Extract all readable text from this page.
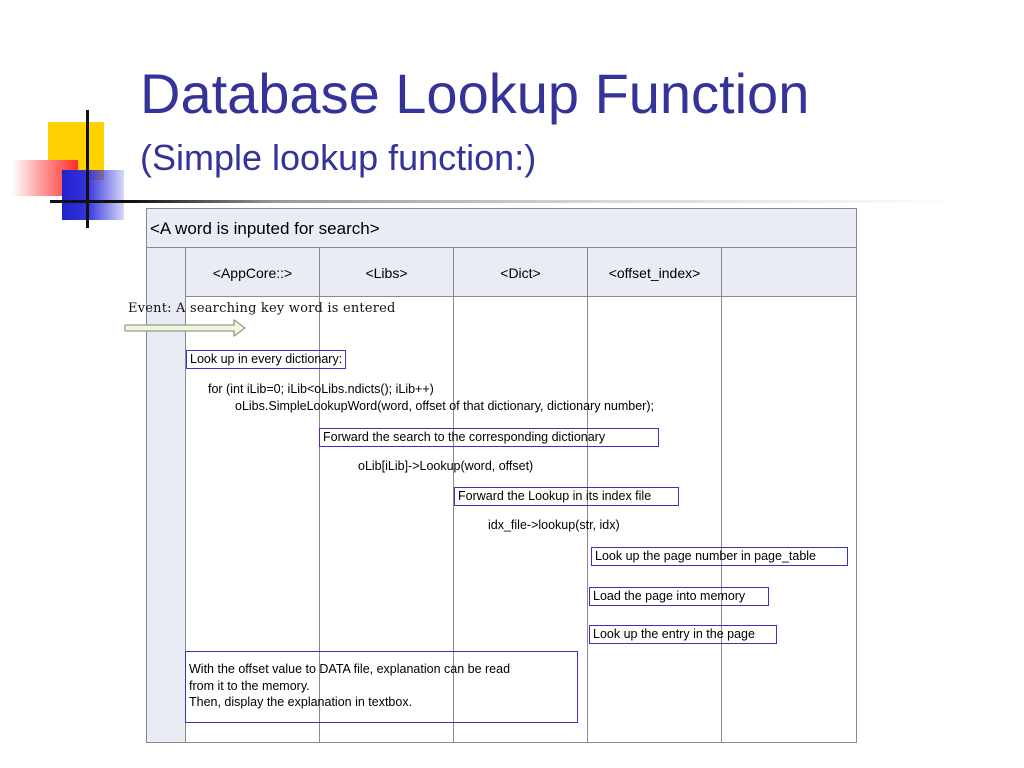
Database Lookup Function
(Simple lookup function:)
<A word is inputed for search>
<AppCore::>	<Libs>	<Dict>	<offset_index>
Event: A searching key word is entered
Look up in every dictionary:
for (int iLib=0; iLib<oLibs.ndicts(); iLib++)
oLibs.SimpleLookupWord(word, offset of that dictionary, dictionary number);
Forward the search to the corresponding dictionary
oLib[iLib]->Lookup(word, offset)
Forward the Lookup in its index file
idx_file->lookup(str, idx)
Look up the page number in page_table
Load the page into memory
Look up the entry in the page
With the offset value to DATA file, explanation can be read
from it to the memory.
Then, display the explanation in textbox.
